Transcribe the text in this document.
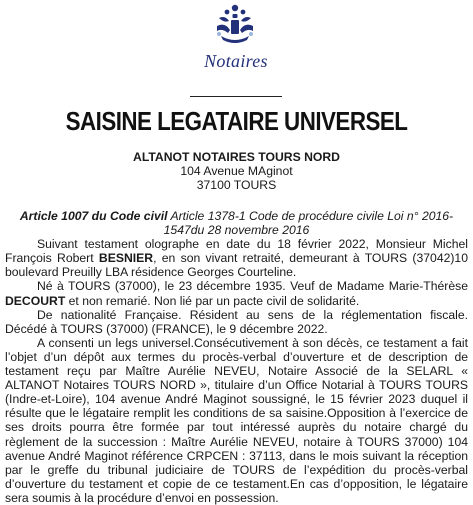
Notaires
SAISINE LEGATAIRE UNIVERSEL
ALTANOT NOTAIRES TOURS NORD
104 Avenue MAginot
37100 TOURS

Article 1007 du Code civil Article 1378-1 Code de procédure civile Loi n° 2016-1547du 28 novembre 2016

Suivant testament olographe en date du 18 février 2022, Monsieur Michel François Robert BESNIER, en son vivant retraité, demeurant à TOURS (37042)10 boulevard Preuilly LBA résidence Georges Courteline.

Né à TOURS (37000), le 23 décembre 1935. Veuf de Madame Marie-Thérèse DECOURT et non remarié. Non lié par un pacte civil de solidarité.

De nationalité Française. Résident au sens de la réglementation fiscale. Décédé à TOURS (37000) (FRANCE), le 9 décembre 2022.

A consenti un legs universel.Consécutivement à son décès, ce testament a fait l’objet d’un dépôt aux termes du procès-verbal d’ouverture et de description de testament reçu par Maître Aurélie NEVEU, Notaire Associé de la SELARL « ALTANOT Notaires TOURS NORD », titulaire d’un Office Notarial à TOURS TOURS (Indre-et-Loire), 104 avenue André Maginot soussigné, le 15 février 2023 duquel il résulte que le légataire remplit les conditions de sa saisine.Opposition à l’exercice de ses droits pourra être formée par tout intéressé auprès du notaire chargé du règlement de la succession : Maître Aurélie NEVEU, notaire à TOURS 37000) 104 avenue André Maginot référence CRPCEN : 37113, dans le mois suivant la réception par le greffe du tribunal judiciaire de TOURS de l’expédition du procès-verbal d’ouverture du testament et copie de ce testament.En cas d’opposition, le légataire sera soumis à la procédure d’envoi en possession.
